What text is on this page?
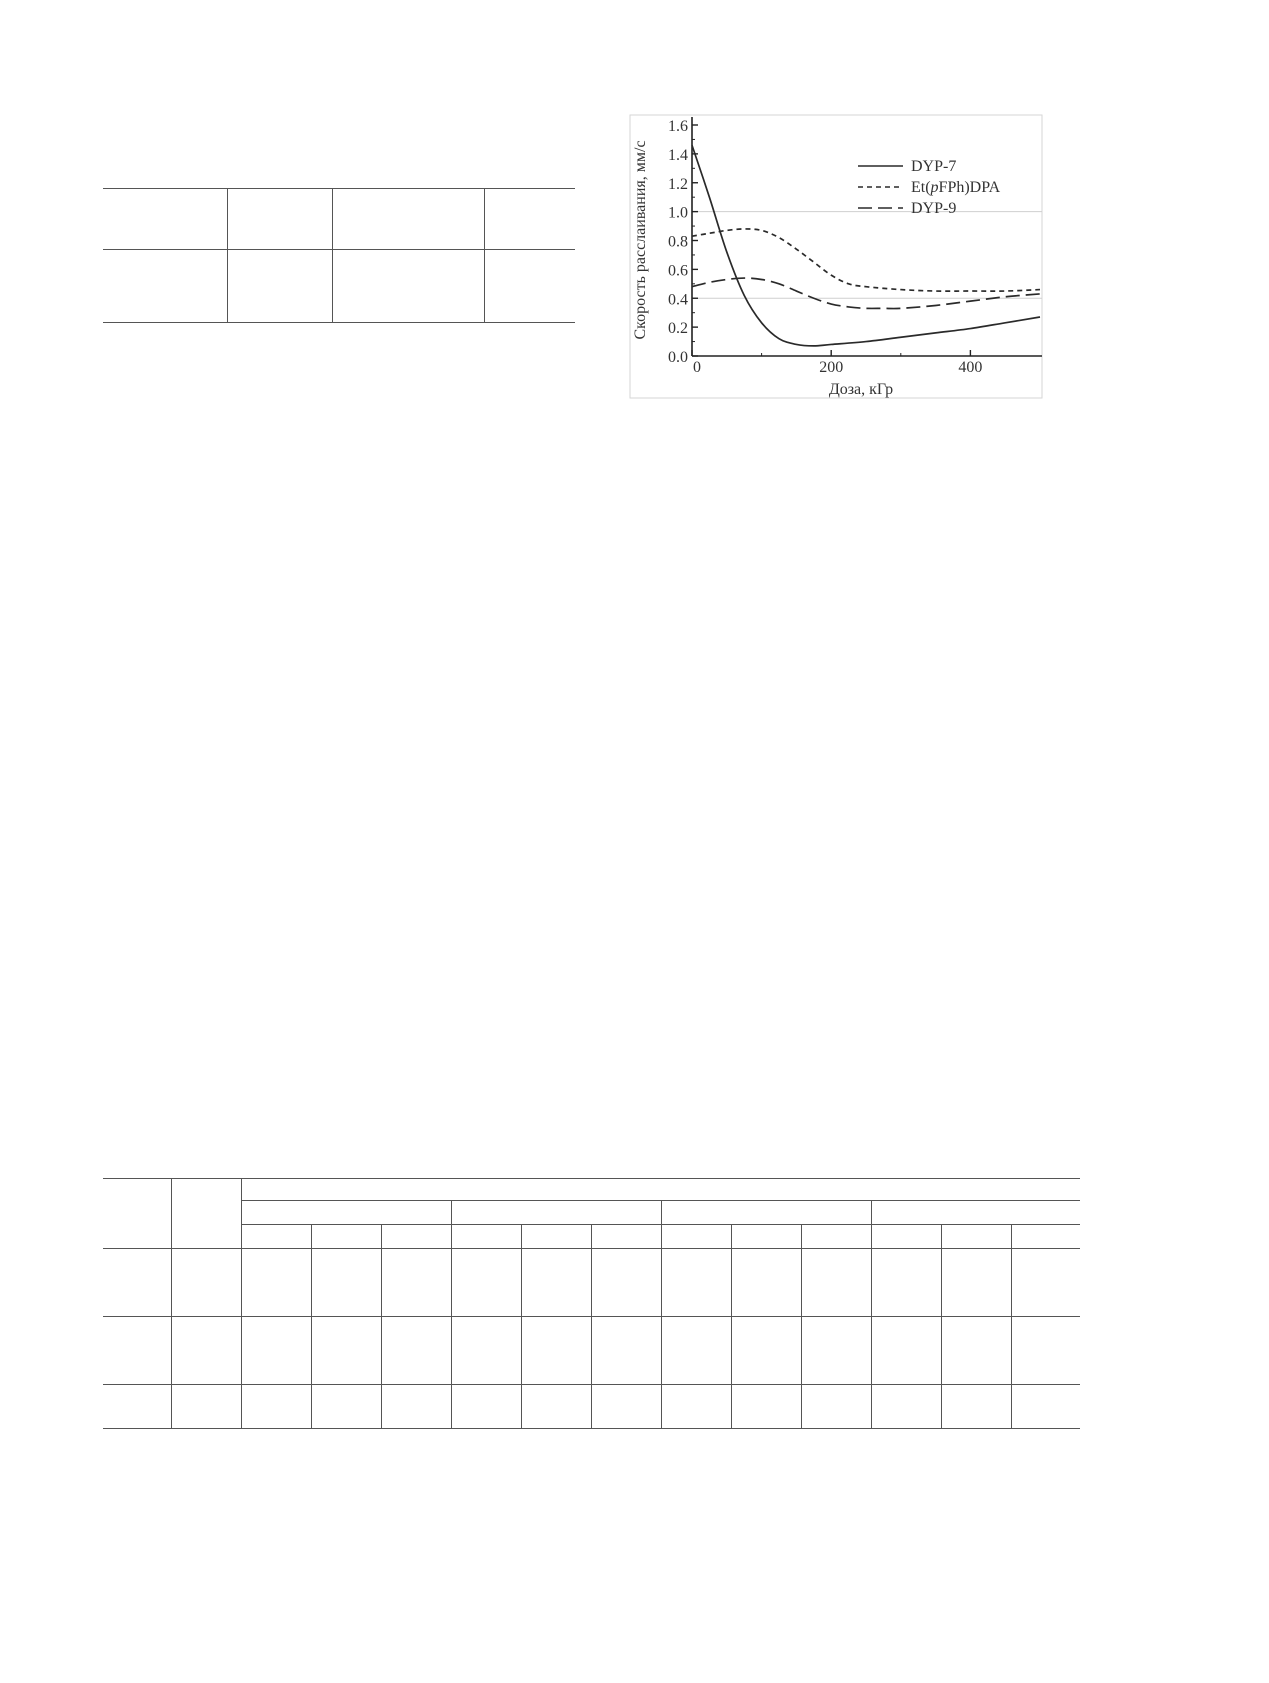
0.0
0.2
0.4
0.6
0.8
1.0
1.2
1.4
1.6
0	200	400
Доза, кГр
Скорость расслаивания, мм/с	DYP-7
Et(pFPh)DPA
DYP-9
